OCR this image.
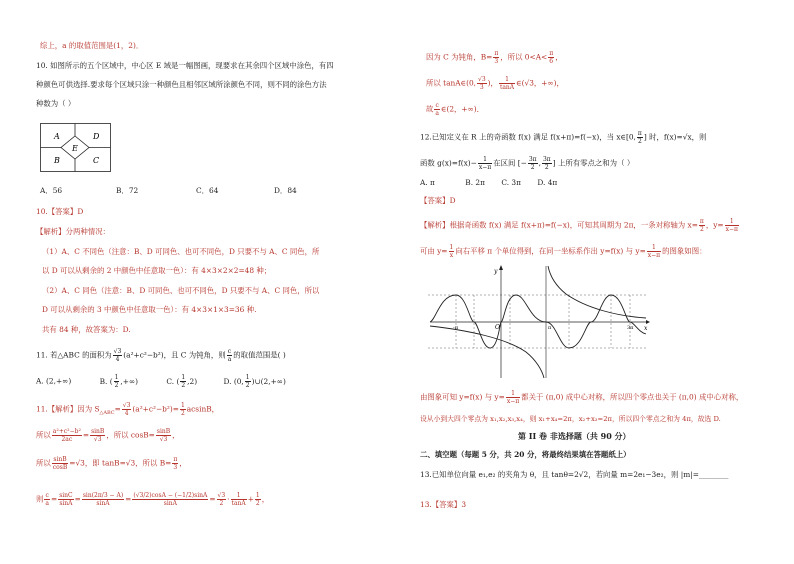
综上，a 的取值范围是(1，2)．
10. 如图所示的五个区域中，中心区 E 域是一幅图画，现要求在其余四个区域中涂色，有四
种颜色可供选择.要求每个区域只涂一种颜色且相邻区域所涂颜色不同，则不同的涂色方法
种数为（ ）
A	D
E
B	C
A．56	B．72	C．64	D．84
10.【答案】D
【解析】分两种情况：
（1）A、C 不同色（注意：B、D 可同色、也可不同色，D 只要不与 A、C 同色，所
以 D 可以从剩余的 2 中颜色中任意取一色）：有 4×3×2×2=48 种；
（2）A、C 同色（注意：B、D 可同色、也可不同色，D 只要不与 A、C 同色，所以
D 可以从剩余的 3 中颜色中任意取一色）：有 4×3×1×3=36 种.
共有 84 种，故答案为：D.
11. 若△ABC 的面积为 $\frac{√3}{4} (a^2+c^2-b^2)$，且 C 为钝角，则 $\frac{c}{a}$ 的取值范围是( )
A. (2,+∞)	B. ( $\frac{1}{2}$ ,+∞)	C. ( $\frac{1}{2} ,2$)	D. (0, $\frac{1}{2}$ )∪(2,+∞)
11.【解析】因为 $S_{\triangle ABC}= \frac{√3}{4} (a^2+c^2-b^2)= \frac{1}{2}$ acsinB，
所以 $\frac{\text{a²+c²−b²}}{2ac} = \frac{\sin B}{√3}$ ，所以 $\cos B= \frac{\sin B}{√3}$ ，
所以 $\frac{\sin B}{\cos B} =√3$，即 tanB=√3，所以 $B= \frac{\pi}{3}$ ，
则 $\frac{c}{a} = \frac{\sin C}{\sin A} = \frac{\sin(2\pi/3 - A)}{\sin A} = \frac{(√3/2)\cos A - (-1/2)\sin A}{\sin A} = \frac{√3}{2} \cdot \frac{1}{\tan A} + \frac{1}{2}$ ，
因为 C 为钝角，$B= \frac{\pi}{3}$ ，所以 $0<A< \frac{\pi}{6}$ ，
所以 tanA∈(0, $\frac{√3}{3}$ )， $\frac{1}{\tan A}$ ∈(√3，+∞)，
故 $\frac{c}{a}$ ∈(2，+∞)．
12.已知定义在 R 上的奇函数 f(x) 满足 f(x+π)=f(−x)，当 x∈[0, $\frac{\pi}{2}$ ] 时，f(x)=√x，则
函数 $g(x)=f(x)- \frac{1}{x-\pi}$ 在区间 [− $\frac{3\pi}{2}$ , $\frac{3\pi}{2}$ ] 上所有零点之和为（ ）
A. π	B. 2π C. 3π D. 4π
【答案】D
【解析】根据奇函数 f(x) 满足 f(x+π)=f(−x)，可知其周期为 2π，一条对称轴为 $x= \frac{\pi}{2}$ ，$y= \frac{1}{x-\pi}$
可由 $y= \frac{1}{x}$ 向右平移 π 个单位得到，在同一坐标系作出 y=f(x) 与 $y= \frac{1}{x-\pi}$ 的图象如图：
y
x
-π	O	π	3π
由图象可知 y=f(x) 与 $y= \frac{1}{x-\pi}$ 都关于 (π,0) 成中心对称，所以四个零点也关于 (π,0) 成中心对称，
设从小到大四个零点为 x₁,x₂,x₃,x₄，则 x₁+x₄=2π，x₂+x₃=2π，所以四个零点之和为 4π，故选 D.
第 II 卷 非选择题（共 90 分）
二、填空题（每题 5 分，共 20 分，将最终结果填在答题纸上）
13.已知单位向量 e₁,e₂ 的夹角为 θ，且 tanθ=2√2，若向量 m=2e₁−3e₂，则 |m|=________
13.【答案】3
